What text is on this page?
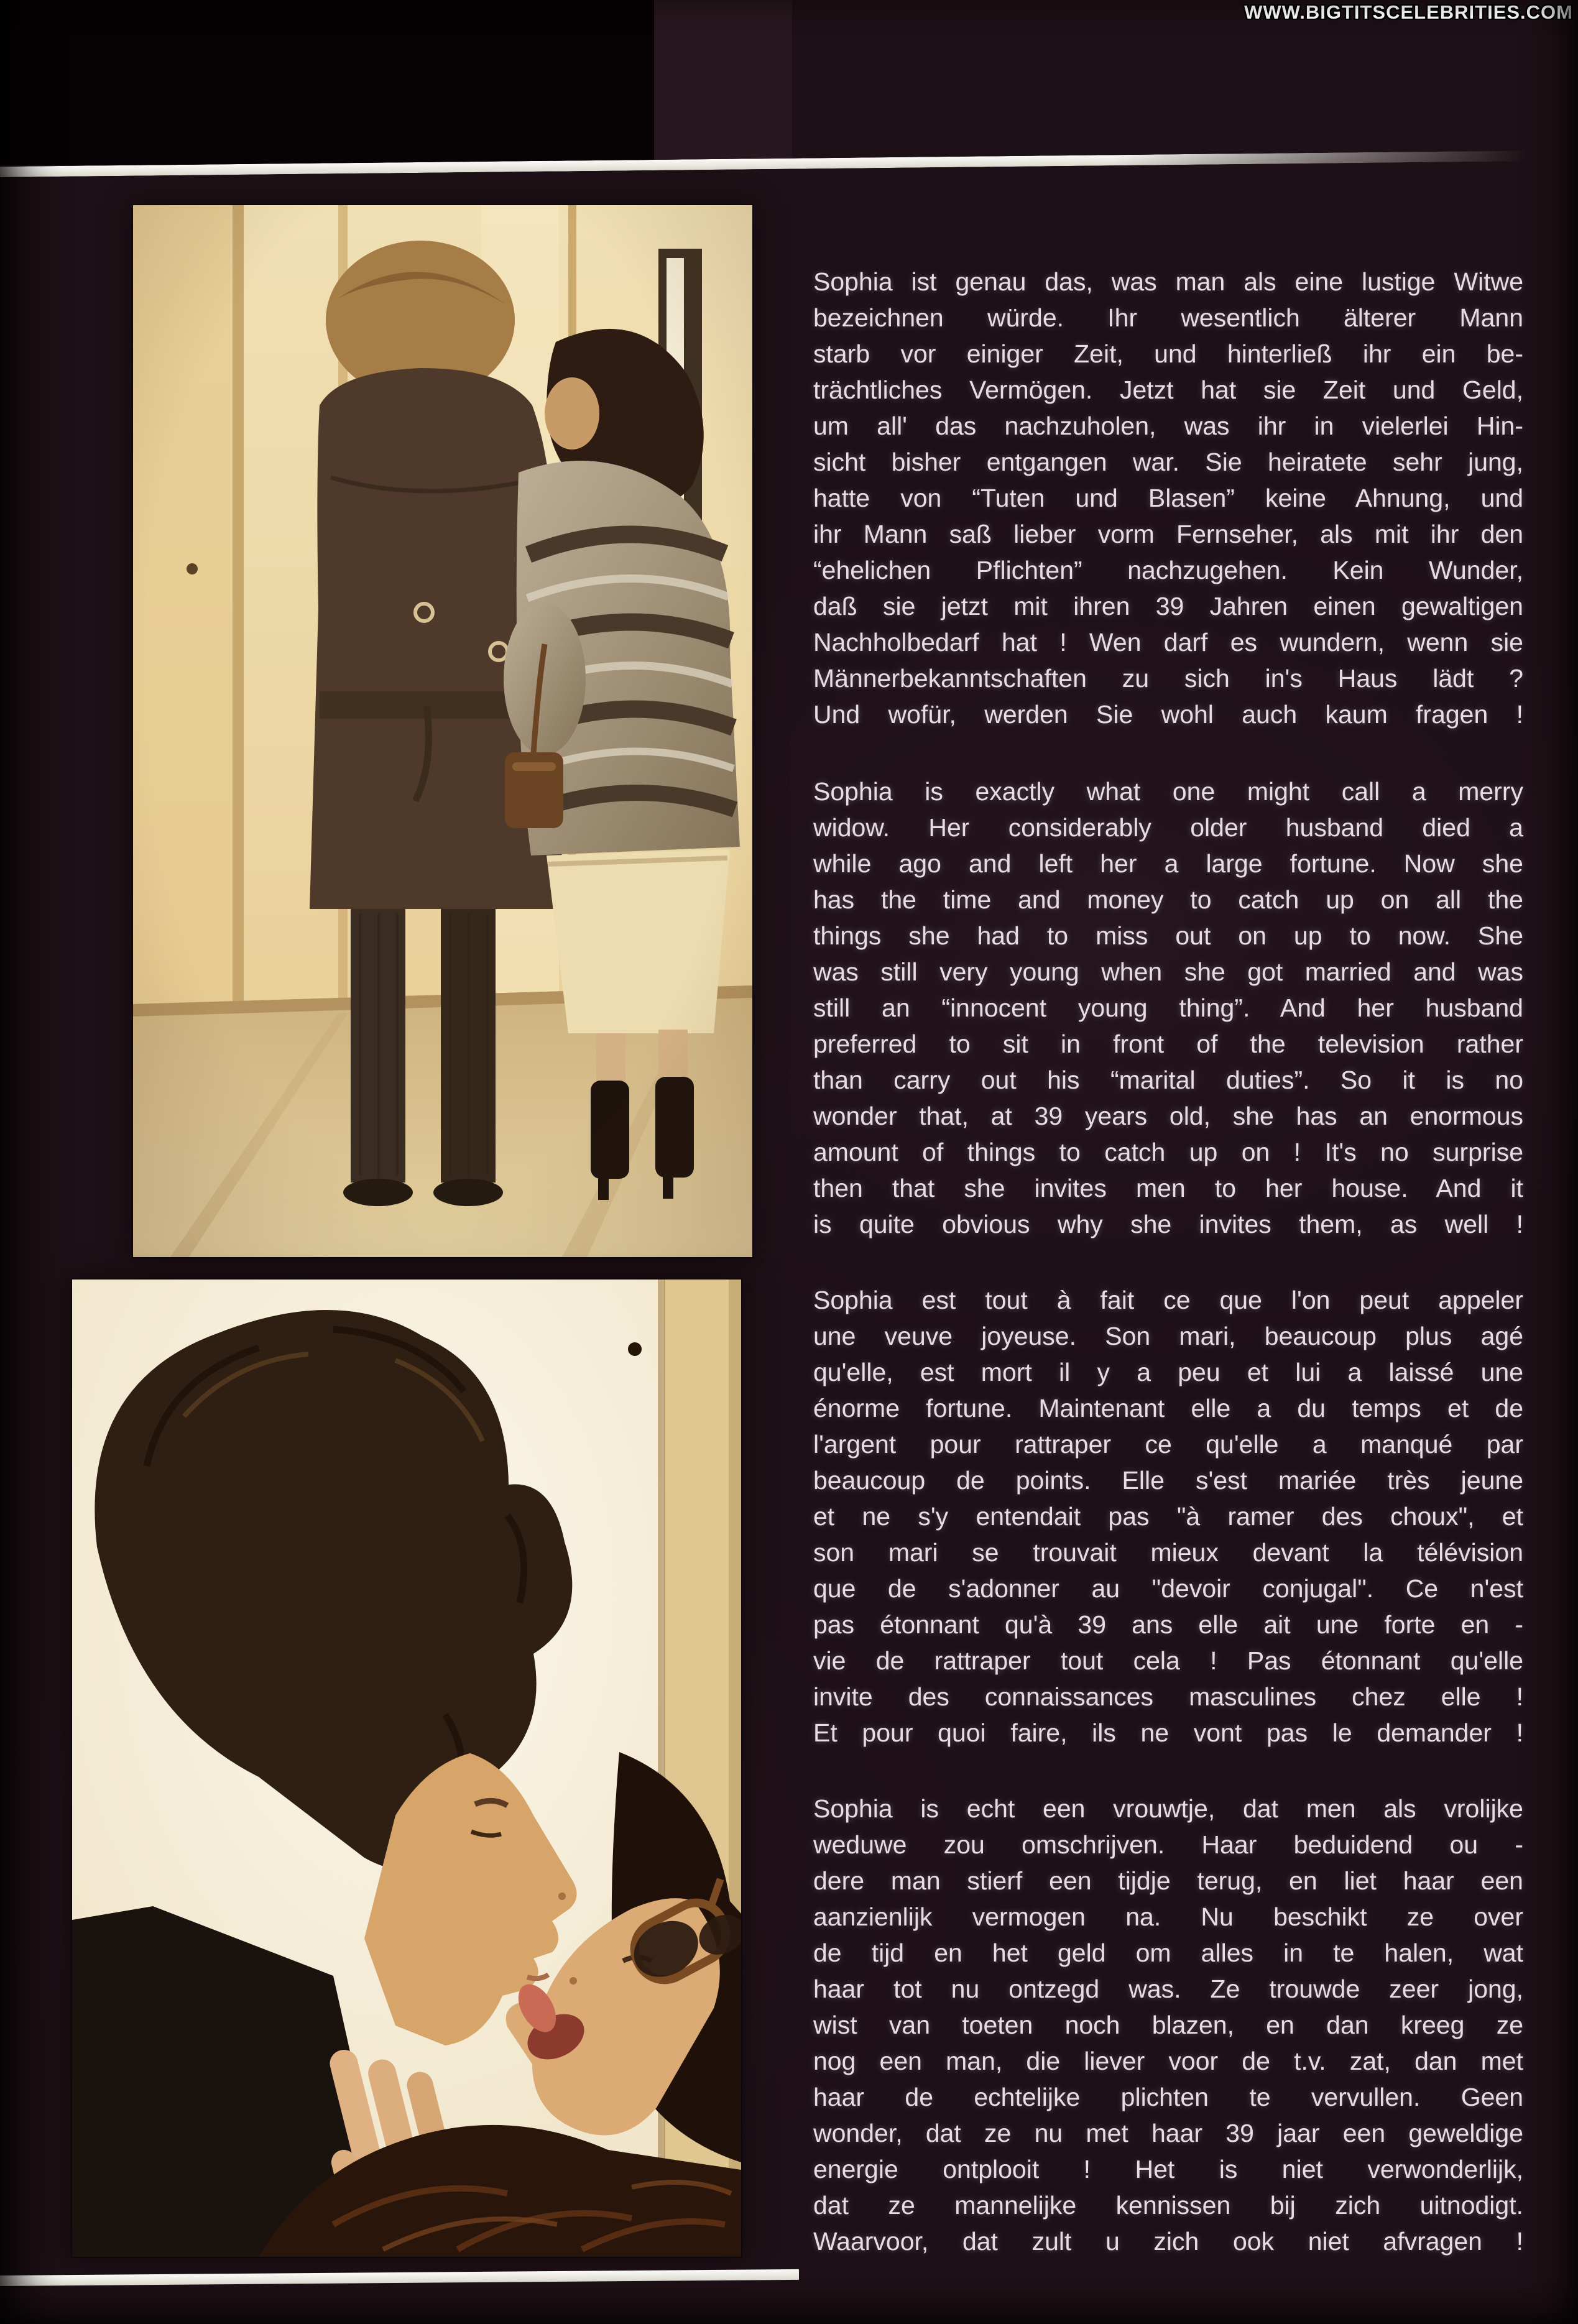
WWW.BIGTITSCELEBRITIES.COM
Sophia ist genau das, was man als eine lustige Witwe
bezeichnen würde. Ihr wesentlich älterer Mann
starb vor einiger Zeit, und hinterließ ihr ein be-
trächtliches Vermögen. Jetzt hat sie Zeit und Geld,
um all' das nachzuholen, was ihr in vielerlei Hin-
sicht bisher entgangen war. Sie heiratete sehr jung,
hatte von “Tuten und Blasen” keine Ahnung, und
ihr Mann saß lieber vorm Fernseher, als mit ihr den
“ehelichen Pflichten” nachzugehen. Kein Wunder,
daß sie jetzt mit ihren 39 Jahren einen gewaltigen
Nachholbedarf hat ! Wen darf es wundern, wenn sie
Männerbekanntschaften zu sich in's Haus lädt ?
Und wofür, werden Sie wohl auch kaum fragen !
Sophia is exactly what one might call a merry
widow. Her considerably older husband died a
while ago and left her a large fortune. Now she
has the time and money to catch up on all the
things she had to miss out on up to now. She
was still very young when she got married and was
still an “innocent young thing”. And her husband
preferred to sit in front of the television rather
than carry out his “marital duties”. So it is no
wonder that, at 39 years old, she has an enormous
amount of things to catch up on ! It's no surprise
then that she invites men to her house. And it
is quite obvious why she invites them, as well !
Sophia est tout à fait ce que l'on peut appeler
une veuve joyeuse. Son mari, beaucoup plus agé
qu'elle, est mort il y a peu et lui a laissé une
énorme fortune. Maintenant elle a du temps et de
l'argent pour rattraper ce qu'elle a manqué par
beaucoup de points. Elle s'est mariée très jeune
et ne s'y entendait pas "à ramer des choux", et
son mari se trouvait mieux devant la télévision
que de s'adonner au "devoir conjugal". Ce n'est
pas étonnant qu'à 39 ans elle ait une forte en -
vie de rattraper tout cela ! Pas étonnant qu'elle
invite des connaissances masculines chez elle !
Et pour quoi faire, ils ne vont pas le demander !
Sophia is echt een vrouwtje, dat men als vrolijke
weduwe zou omschrijven. Haar beduidend ou -
dere man stierf een tijdje terug, en liet haar een
aanzienlijk vermogen na. Nu beschikt ze over
de tijd en het geld om alles in te halen, wat
haar tot nu ontzegd was. Ze trouwde zeer jong,
wist van toeten noch blazen, en dan kreeg ze
nog een man, die liever voor de t.v. zat, dan met
haar de echtelijke plichten te vervullen. Geen
wonder, dat ze nu met haar 39 jaar een geweldige
energie ontplooit ! Het is niet verwonderlijk,
dat ze mannelijke kennissen bij zich uitnodigt.
Waarvoor, dat zult u zich ook niet afvragen !
